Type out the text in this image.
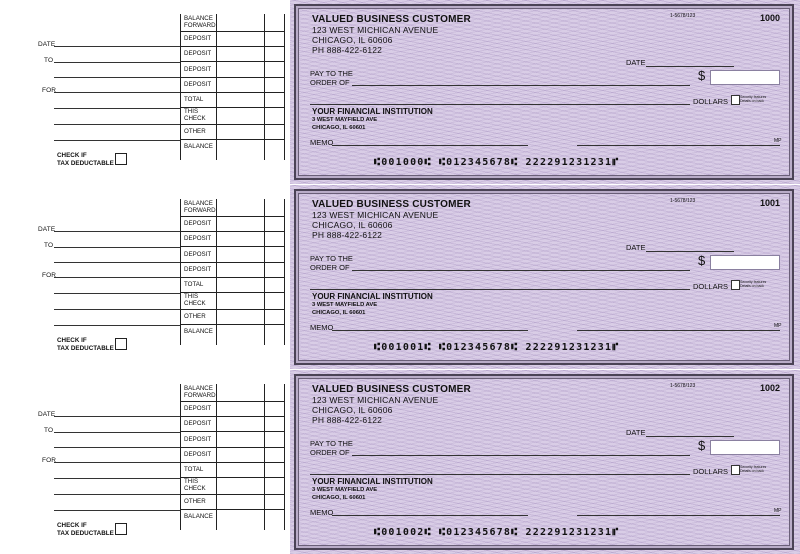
DATE
TO
FOR
BALANCE
FORWARD
DEPOSIT
DEPOSIT
DEPOSIT
DEPOSIT
TOTAL
THIS
CHECK
OTHER
BALANCE
CHECK IF
TAX DEDUCTABLE
VALUED BUSINESS CUSTOMER
123 WEST MICHICAN AVENUE
CHICAGO, IL 60606
PH 888-422-6122
1-5678/123	1000
DATE
PAY TO THE
ORDER OF	$
DOLLARS	Security features Details on back
YOUR FINANCIAL INSTITUTION
3 WEST MAYFIELD AVE
CHICAGO, IL 60601
MEMO	MP
⑆001000⑆ ⑆012345678⑆ 222291231231⑈
DATE
TO
FOR
BALANCE
FORWARD
DEPOSIT
DEPOSIT
DEPOSIT
DEPOSIT
TOTAL
THIS
CHECK
OTHER
BALANCE
CHECK IF
TAX DEDUCTABLE
VALUED BUSINESS CUSTOMER
123 WEST MICHICAN AVENUE
CHICAGO, IL 60606
PH 888-422-6122
1-5678/123	1001
DATE
PAY TO THE
ORDER OF	$
DOLLARS	Security features Details on back
YOUR FINANCIAL INSTITUTION
3 WEST MAYFIELD AVE
CHICAGO, IL 60601
MEMO	MP
⑆001001⑆ ⑆012345678⑆ 222291231231⑈
DATE
TO
FOR
BALANCE
FORWARD
DEPOSIT
DEPOSIT
DEPOSIT
DEPOSIT
TOTAL
THIS
CHECK
OTHER
BALANCE
CHECK IF
TAX DEDUCTABLE
VALUED BUSINESS CUSTOMER
123 WEST MICHICAN AVENUE
CHICAGO, IL 60606
PH 888-422-6122
1-5678/123	1002
DATE
PAY TO THE
ORDER OF	$
DOLLARS	Security features Details on back
YOUR FINANCIAL INSTITUTION
3 WEST MAYFIELD AVE
CHICAGO, IL 60601
MEMO	MP
⑆001002⑆ ⑆012345678⑆ 222291231231⑈
